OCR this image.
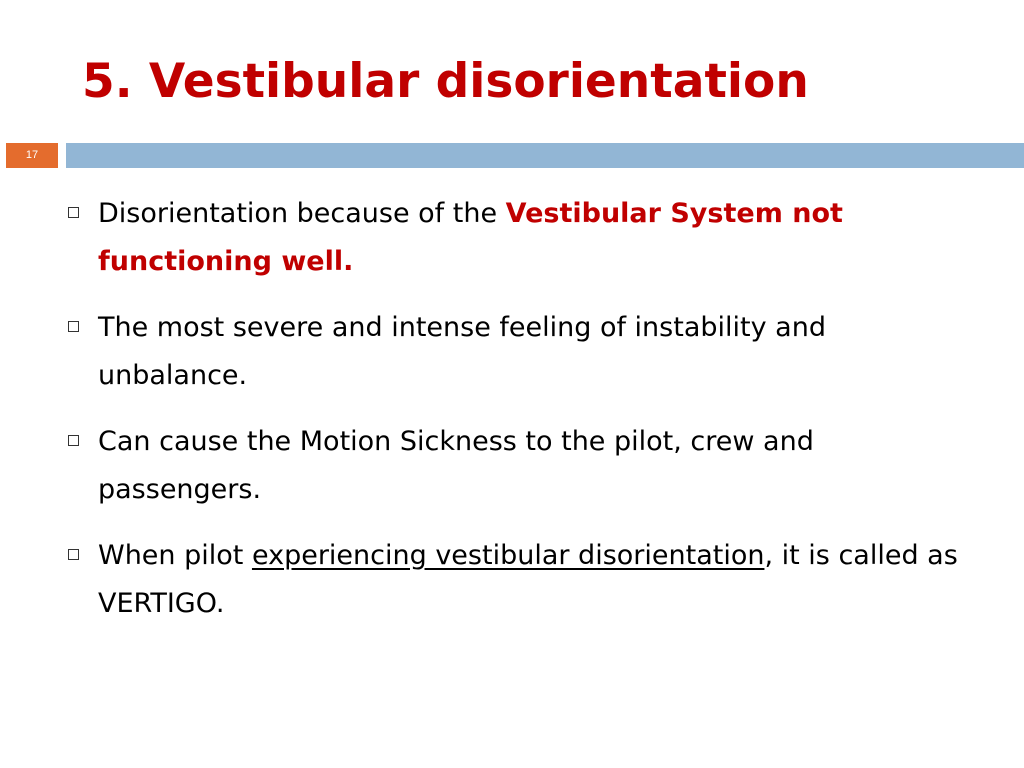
5. Vestibular disorientation
17
Disorientation because of the Vestibular System not functioning well.
The most severe and intense feeling of instability and unbalance.
Can cause the Motion Sickness to the pilot, crew and passengers.
When pilot experiencing vestibular disorientation, it is called as VERTIGO.
